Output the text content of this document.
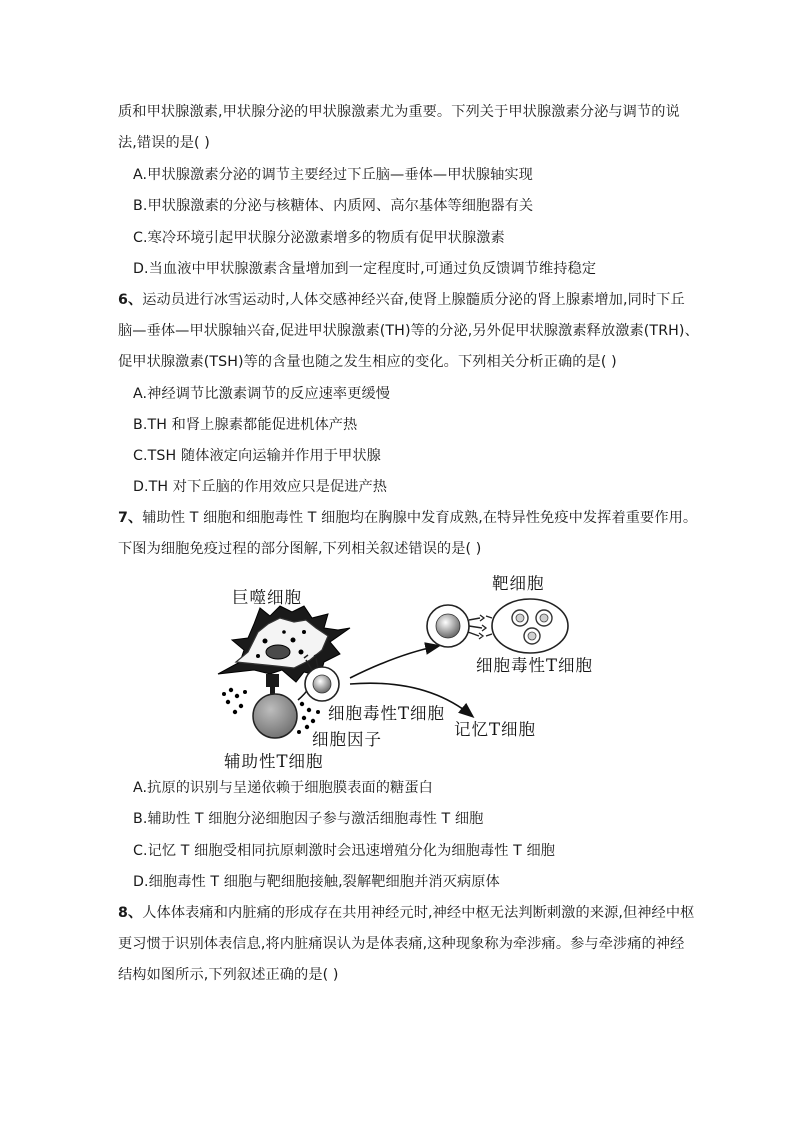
质和甲状腺激素,甲状腺分泌的甲状腺激素尤为重要。下列关于甲状腺激素分泌与调节的说
法,错误的是( )
A.甲状腺激素分泌的调节主要经过下丘脑—垂体—甲状腺轴实现
B.甲状腺激素的分泌与核糖体、内质网、高尔基体等细胞器有关
C.寒冷环境引起甲状腺分泌激素增多的物质有促甲状腺激素
D.当血液中甲状腺激素含量增加到一定程度时,可通过负反馈调节维持稳定
6、运动员进行冰雪运动时,人体交感神经兴奋,使肾上腺髓质分泌的肾上腺素增加,同时下丘
脑—垂体—甲状腺轴兴奋,促进甲状腺激素(TH)等的分泌,另外促甲状腺激素释放激素(TRH)、
促甲状腺激素(TSH)等的含量也随之发生相应的变化。下列相关分析正确的是( )
A.神经调节比激素调节的反应速率更缓慢
B.TH 和肾上腺素都能促进机体产热
C.TSH 随体液定向运输并作用于甲状腺
D.TH 对下丘脑的作用效应只是促进产热
7、辅助性 T 细胞和细胞毒性 T 细胞均在胸腺中发育成熟,在特异性免疫中发挥着重要作用。
下图为细胞免疫过程的部分图解,下列相关叙述错误的是( )
巨噬细胞
靶细胞
细胞毒性T细胞
细胞毒性T细胞
记忆T细胞
细胞因子
辅助性T细胞
A.抗原的识别与呈递依赖于细胞膜表面的糖蛋白
B.辅助性 T 细胞分泌细胞因子参与激活细胞毒性 T 细胞
C.记忆 T 细胞受相同抗原刺激时会迅速增殖分化为细胞毒性 T 细胞
D.细胞毒性 T 细胞与靶细胞接触,裂解靶细胞并消灭病原体
8、人体体表痛和内脏痛的形成存在共用神经元时,神经中枢无法判断刺激的来源,但神经中枢
更习惯于识别体表信息,将内脏痛误认为是体表痛,这种现象称为牵涉痛。参与牵涉痛的神经
结构如图所示,下列叙述正确的是( )
